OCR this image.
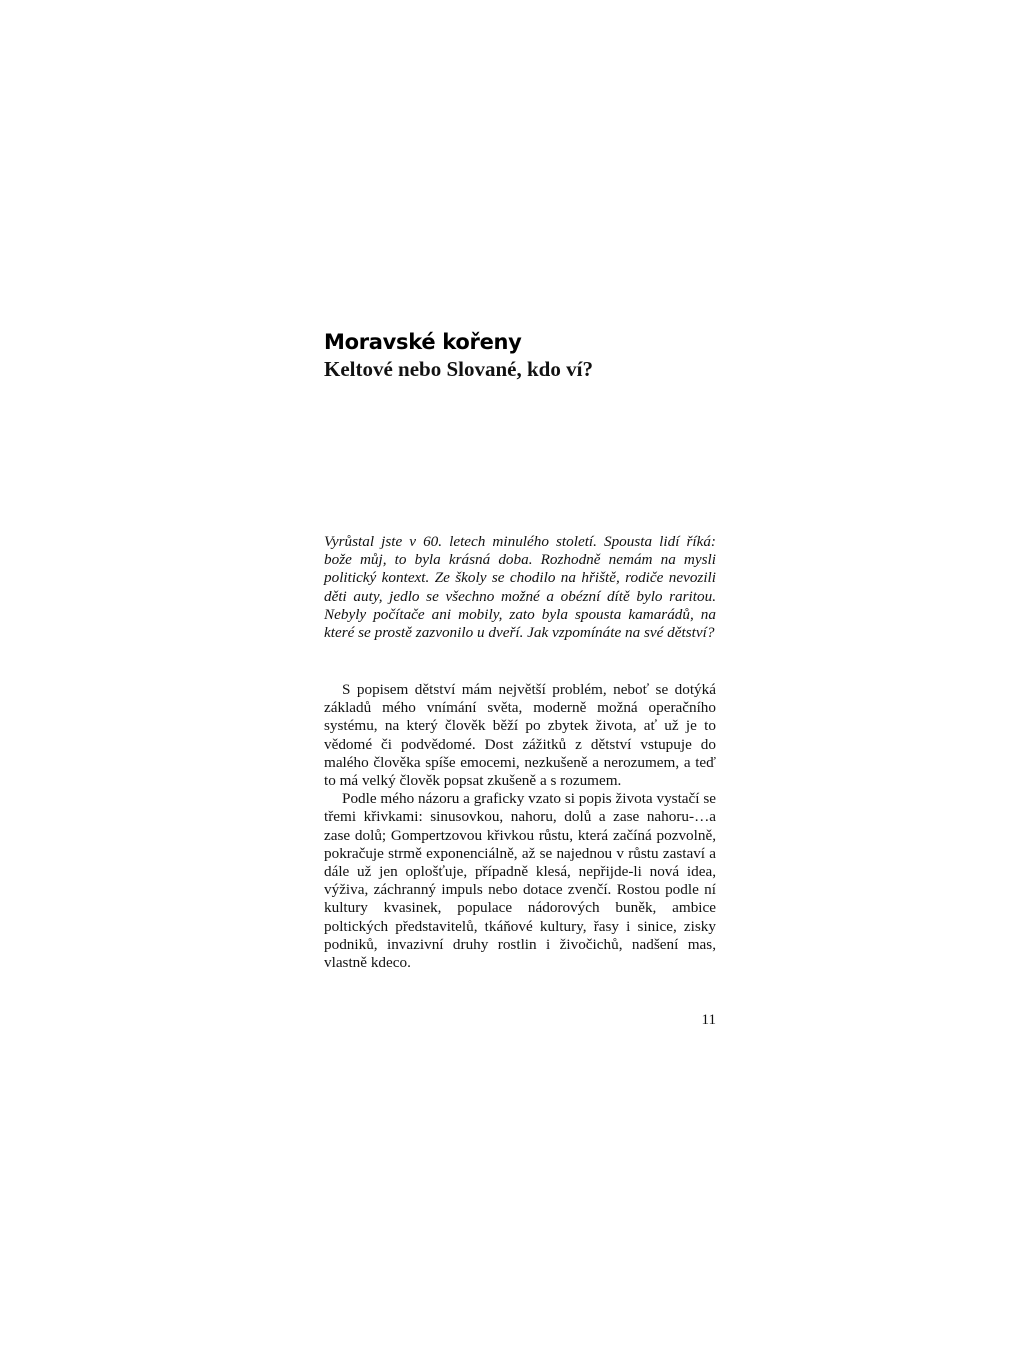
Moravské kořeny
Keltové nebo Slované, kdo ví?

Vyrůstal jste v 60. letech minulého století. Spousta lidí říká: bože můj, to byla krásná doba. Rozhodně nemám na mysli politický kontext. Ze školy se chodilo na hřiště, rodiče nevozili děti auty, jedlo se všechno možné a obézní dítě bylo raritou. Nebyly počítače ani mobily, zato byla spousta kamarádů, na které se prostě zazvonilo u dveří. Jak vzpomínáte na své dětství?

S popisem dětství mám největší problém, neboť se dotýká základů mého vnímání světa, moderně možná operačního systému, na který člověk běží po zbytek života, ať už je to vědomé či podvědomé. Dost zážitků z dětství vstupuje do malého člověka spíše emocemi, nezkušeně a nerozumem, a teď to má velký člověk popsat zkušeně a s rozumem.

Podle mého názoru a graficky vzato si popis života vystačí se třemi křivkami: sinusovkou, nahoru, dolů a zase nahoru-…a zase dolů; Gompertzovou křivkou růstu, která začíná pozvolně, pokračuje strmě exponenciálně, až se najednou v růstu zastaví a dále už jen oplošťuje, případně klesá, nepřijde-li nová idea, výživa, záchranný impuls nebo dotace zvenčí. Rostou podle ní kultury kvasinek, populace nádorových buněk, ambice poltických představitelů, tkáňové kultury, řasy i sinice, zisky podniků, invazivní druhy rostlin i živočichů, nadšení mas, vlastně kdeco.

11
